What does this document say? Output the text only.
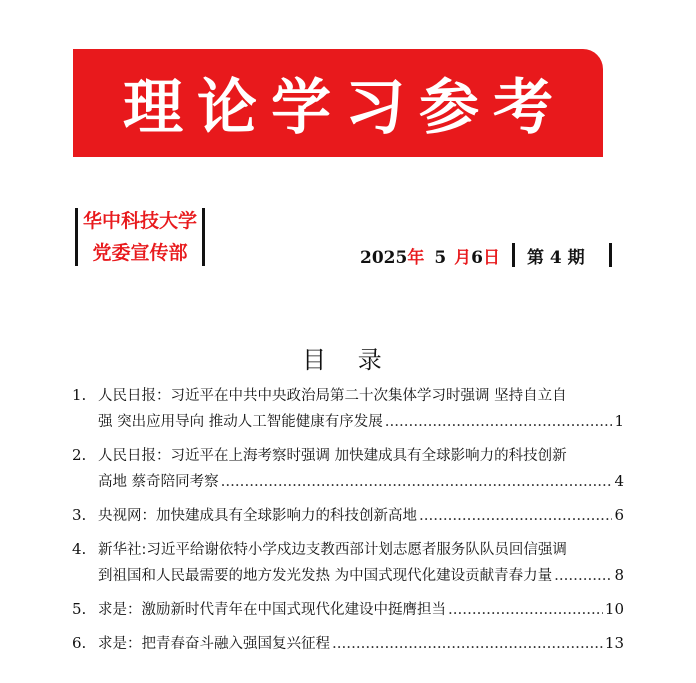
理论学习参考
华中科技大学
党委宣传部	2025 年 5 月 6 日 第 4 期
目 录
1. 人民日报：习近平在中共中央政治局第二十次集体学习时强调 坚持自立自
强 突出应用导向 推动人工智能健康有序发展 .....	1
2. 人民日报：习近平在上海考察时强调 加快建成具有全球影响力的科技创新
高地 蔡奇陪同考察 .....	4
3. 央视网：加快建成具有全球影响力的科技创新高地 .....	6
4. 新华社:习近平给谢依特小学戍边支教西部计划志愿者服务队队员回信强调
到祖国和人民最需要的地方发光发热 为中国式现代化建设贡献青春力量 .....	8
5. 求是：激励新时代青年在中国式现代化建设中挺膺担当 .....	10
6. 求是：把青春奋斗融入强国复兴征程 .....	13
